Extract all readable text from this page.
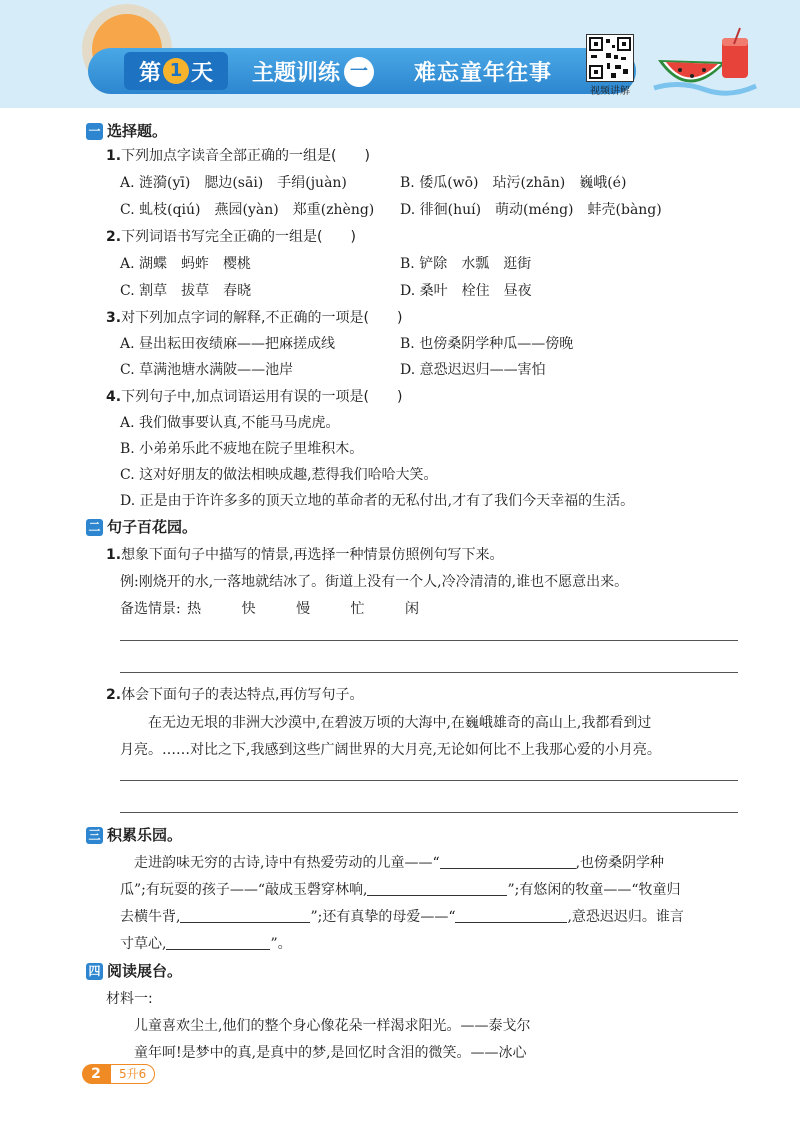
第 1 天 主题训练 一 难忘童年往事
视频讲解
一 选择题。
1.下列加点字读音全部正确的一组是(　　)
A. 涟漪(yī)　腮边(sāi)　手绢(juàn)	B. 倭瓜(wō)　玷污(zhān)　巍峨(é)
C. 虬枝(qiú)　燕园(yàn)　郑重(zhèng) D. 徘徊(huí)　萌动(méng)　蚌壳(bàng)
2.下列词语书写完全正确的一组是(　　)
A. 湖蝶　蚂蚱　樱桃	B. 铲除　水瓢　逛街
C. 割草　拔草　春晓	D. 桑叶　栓住　昼夜
3.对下列加点字词的解释,不正确的一项是(　　)
A. 昼出耘田夜绩麻——把麻搓成线	B. 也傍桑阴学种瓜——傍晚
C. 草满池塘水满陂——池岸	D. 意恐迟迟归——害怕
4.下列句子中,加点词语运用有误的一项是(　　)
A. 我们做事要认真,不能马马虎虎。
B. 小弟弟乐此不疲地在院子里堆积木。
C. 这对好朋友的做法相映成趣,惹得我们哈哈大笑。
D. 正是由于许许多多的顶天立地的革命者的无私付出,才有了我们今天幸福的生活。
二 句子百花园。
1.想象下面句子中描写的情景,再选择一种情景仿照例句写下来。
例:刚烧开的水,一落地就结冰了。街道上没有一个人,冷冷清清的,谁也不愿意出来。
备选情景: 热	快	慢	忙	闲
2.体会下面句子的表达特点,再仿写句子。
在无边无垠的非洲大沙漠中,在碧波万顷的大海中,在巍峨雄奇的高山上,我都看到过
月亮。……对比之下,我感到这些广阔世界的大月亮,无论如何比不上我那心爱的小月亮。
三 积累乐园。
走进韵味无穷的古诗,诗中有热爱劳动的儿童——“	,也傍桑阴学种
瓜”;有玩耍的孩子——“敲成玉磬穿林响,	”;有悠闲的牧童——“牧童归
去横牛背,	”;还有真挚的母爱——“	,意恐迟迟归。谁言
寸草心,	”。
四 阅读展台。
材料一:
儿童喜欢尘土,他们的整个身心像花朵一样渴求阳光。——泰戈尔
童年呵!是梦中的真,是真中的梦,是回忆时含泪的微笑。——冰心
2	5升6
